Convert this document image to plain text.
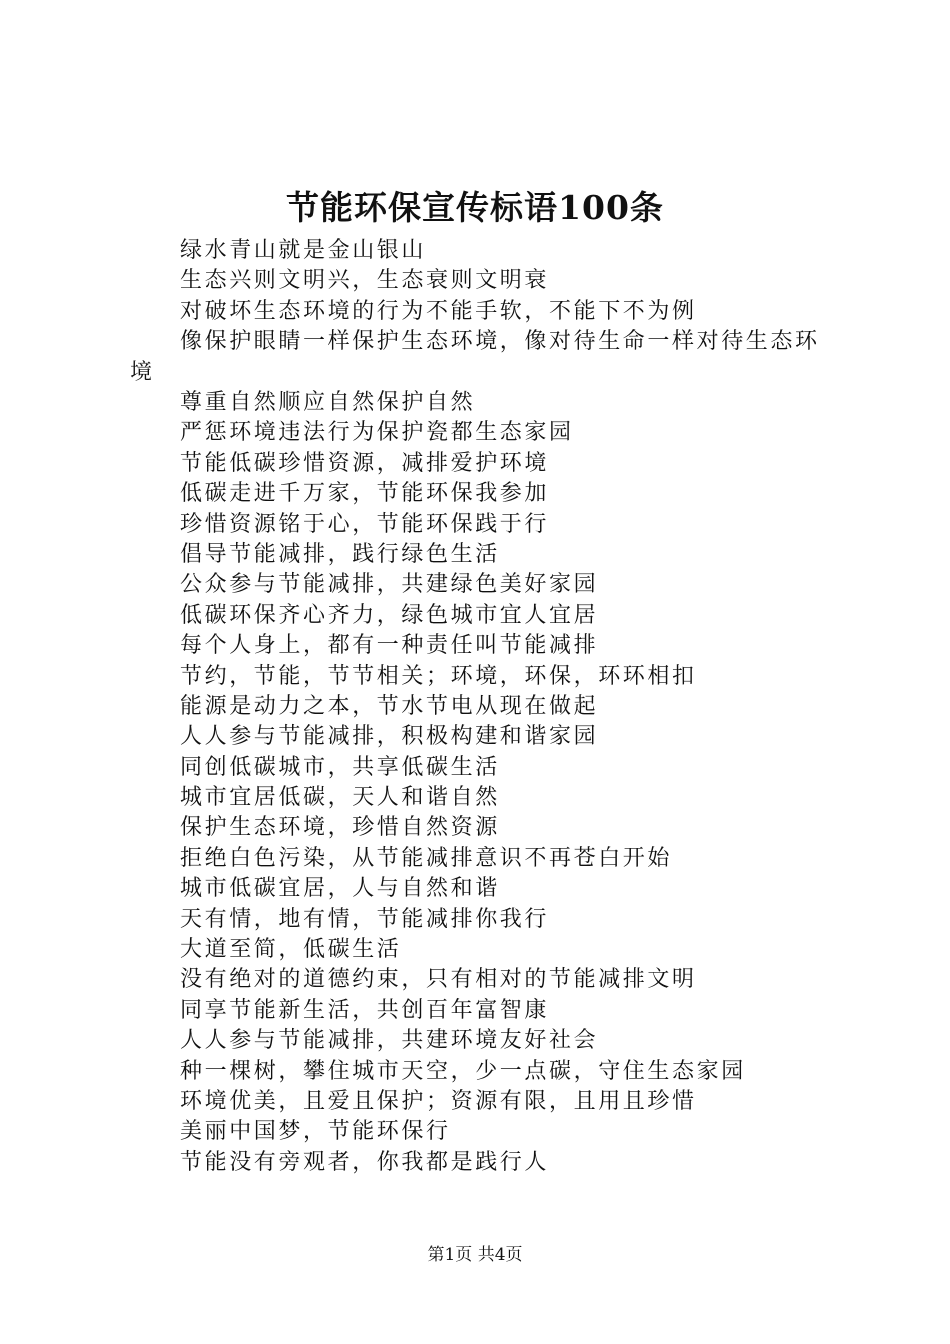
节能环保宣传标语100条
绿水青山就是金山银山
生态兴则文明兴，生态衰则文明衰
对破坏生态环境的行为不能手软，不能下不为例
像保护眼睛一样保护生态环境，像对待生命一样对待生态环境
尊重自然顺应自然保护自然
严惩环境违法行为保护瓷都生态家园
节能低碳珍惜资源，减排爱护环境
低碳走进千万家，节能环保我参加
珍惜资源铭于心，节能环保践于行
倡导节能减排，践行绿色生活
公众参与节能减排，共建绿色美好家园
低碳环保齐心齐力，绿色城市宜人宜居
每个人身上，都有一种责任叫节能减排
节约，节能，节节相关；环境，环保，环环相扣
能源是动力之本，节水节电从现在做起
人人参与节能减排，积极构建和谐家园
同创低碳城市，共享低碳生活
城市宜居低碳，天人和谐自然
保护生态环境，珍惜自然资源
拒绝白色污染，从节能减排意识不再苍白开始
城市低碳宜居，人与自然和谐
天有情，地有情，节能减排你我行
大道至简，低碳生活
没有绝对的道德约束，只有相对的节能减排文明
同享节能新生活，共创百年富智康
人人参与节能减排，共建环境友好社会
种一棵树，攀住城市天空，少一点碳，守住生态家园
环境优美，且爱且保护；资源有限，且用且珍惜
美丽中国梦，节能环保行
节能没有旁观者，你我都是践行人
第1页 共4页
